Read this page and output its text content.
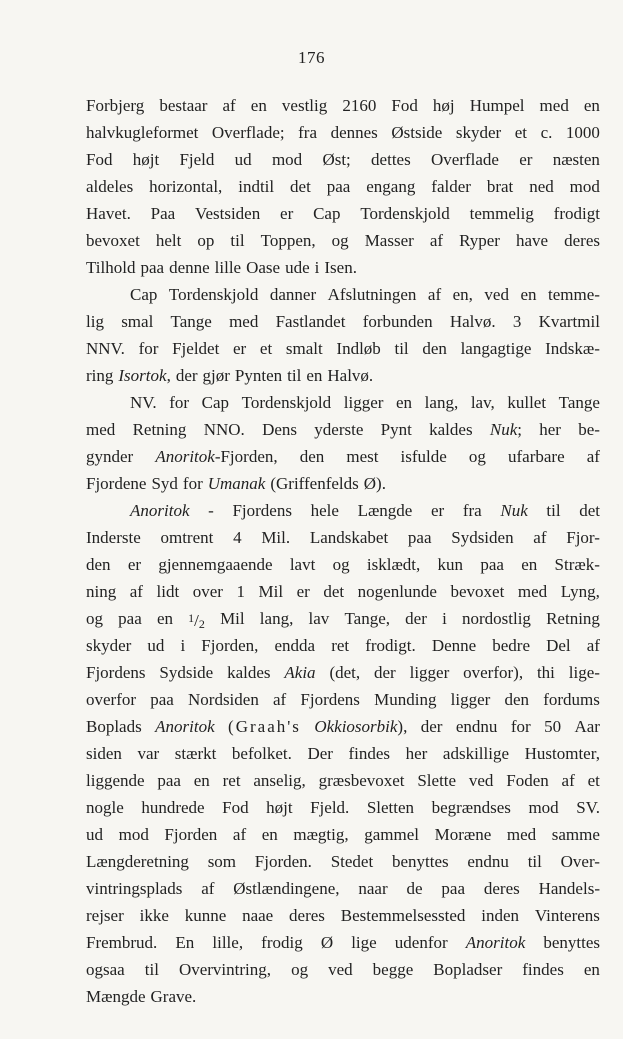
176
Forbjerg bestaar af en vestlig 2160 Fod høj Humpel med en
halvkugleformet Overflade; fra dennes Østside skyder et c. 1000
Fod højt Fjeld ud mod Øst; dettes Overflade er næsten
aldeles horizontal, indtil det paa engang falder brat ned mod
Havet. Paa Vestsiden er Cap Tordenskjold temmelig frodigt
bevoxet helt op til Toppen, og Masser af Ryper have deres
Tilhold paa denne lille Oase ude i Isen.
Cap Tordenskjold danner Afslutningen af en, ved en temme-
lig smal Tange med Fastlandet forbunden Halvø. 3 Kvartmil
NNV. for Fjeldet er et smalt Indløb til den langagtige Indskæ-
ring Isortok, der gjør Pynten til en Halvø.
NV. for Cap Tordenskjold ligger en lang, lav, kullet Tange
med Retning NNO. Dens yderste Pynt kaldes Nuk; her be-
gynder Anoritok-Fjorden, den mest isfulde og ufarbare af
Fjordene Syd for Umanak (Griffenfelds Ø).
Anoritok - Fjordens hele Længde er fra Nuk til det
Inderste omtrent 4 Mil. Landskabet paa Sydsiden af Fjor-
den er gjennemgaaende lavt og isklædt, kun paa en Stræk-
ning af lidt over 1 Mil er det nogenlunde bevoxet med Lyng,
og paa en $^1$/2 Mil lang, lav Tange, der i nordostlig Retning
skyder ud i Fjorden, endda ret frodigt. Denne bedre Del af
Fjordens Sydside kaldes Akia (det, der ligger overfor), thi lige-
overfor paa Nordsiden af Fjordens Munding ligger den fordums
Boplads Anoritok (Graah's Okkiosorbik), der endnu for 50 Aar
siden var stærkt befolket. Der findes her adskillige Hustomter,
liggende paa en ret anselig, græsbevoxet Slette ved Foden af et
nogle hundrede Fod højt Fjeld. Sletten begrændses mod SV.
ud mod Fjorden af en mægtig, gammel Moræne med samme
Længderetning som Fjorden. Stedet benyttes endnu til Over-
vintringsplads af Østlændingene, naar de paa deres Handels-
rejser ikke kunne naae deres Bestemmelsessted inden Vinterens
Frembrud. En lille, frodig Ø lige udenfor Anoritok benyttes
ogsaa til Overvintring, og ved begge Bopladser findes en
Mængde Grave.
